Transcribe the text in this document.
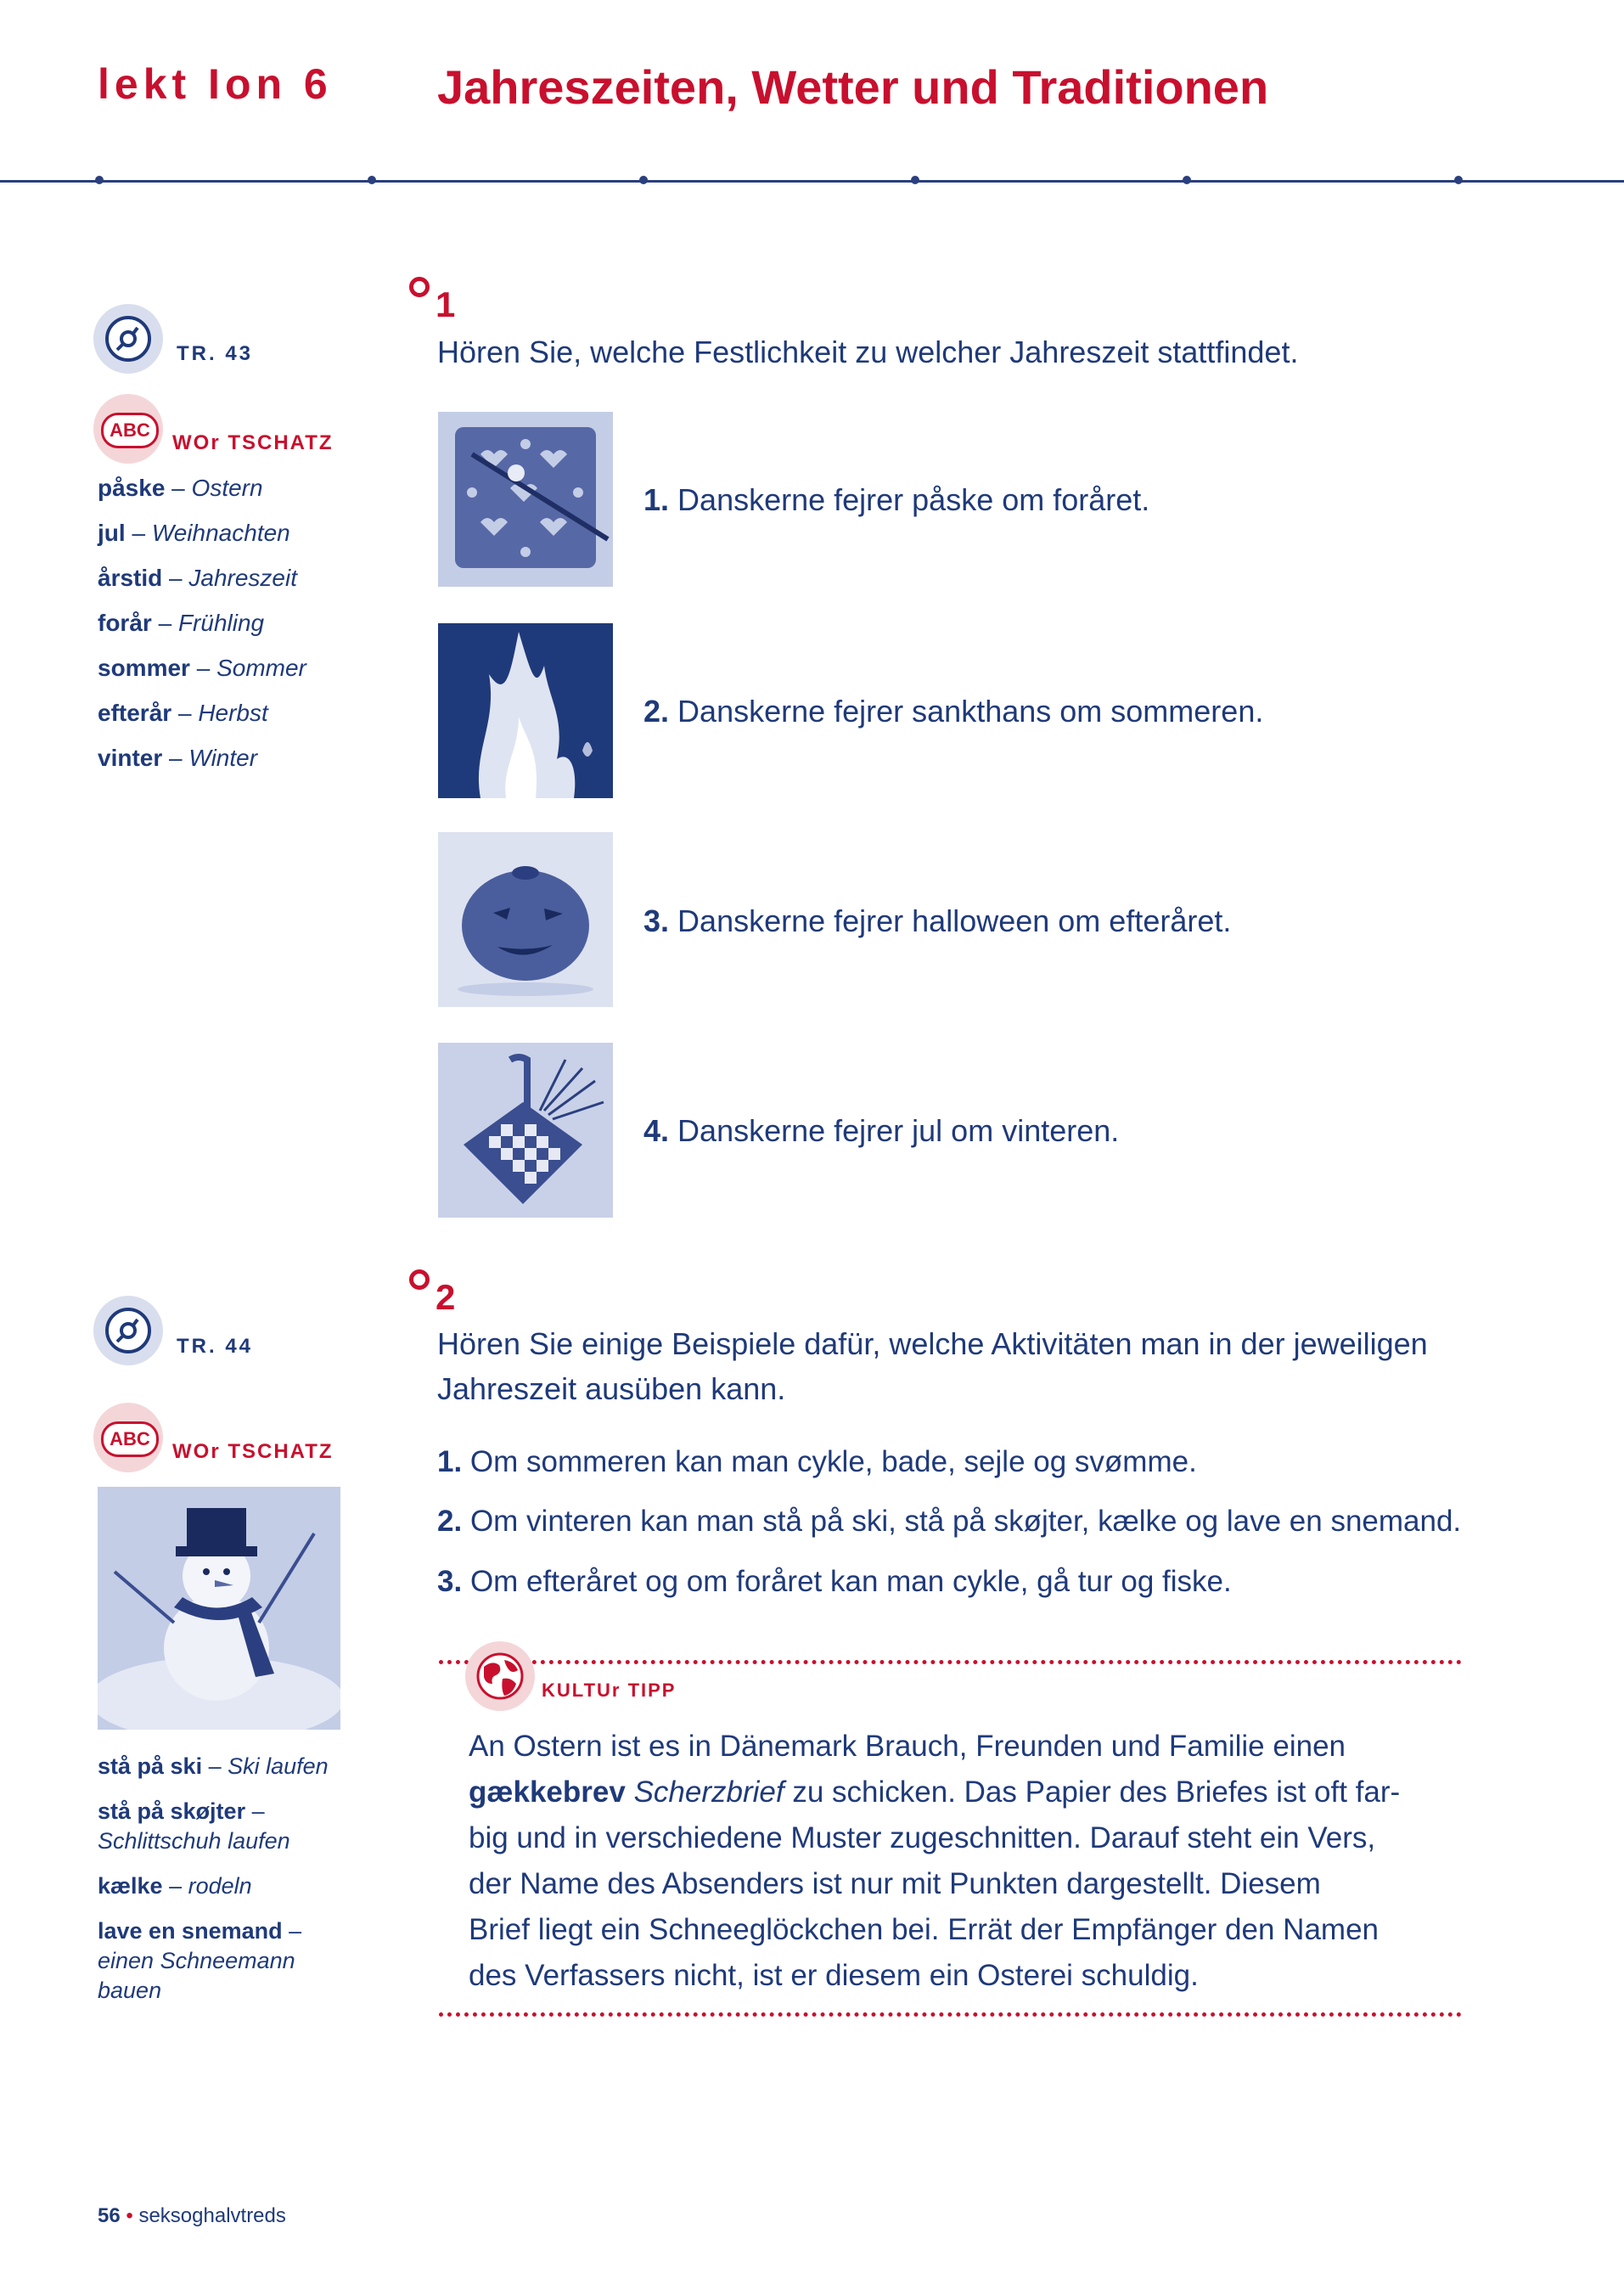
lekt Ion 6 Jahreszeiten, Wetter und Traditionen
TR. 43
ABC
WOr TSCHATZ
påske – Ostern
jul – Weihnachten
årstid – Jahreszeit
forår – Frühling
sommer – Sommer
efterår – Herbst
vinter – Winter
1
Hören Sie, welche Festlichkeit zu welcher Jahreszeit stattfindet.
1. Danskerne fejrer påske om foråret.
2. Danskerne fejrer sankthans om sommeren.
3. Danskerne fejrer halloween om efteråret.
4. Danskerne fejrer jul om vinteren.
TR. 44
ABC
WOr TSCHATZ
stå på ski – Ski laufen
stå på skøjter –
Schlittschuh laufen
kælke – rodeln
lave en snemand –
einen Schneemann bauen
2
Hören Sie einige Beispiele dafür, welche Aktivitäten man in der jeweiligen
Jahreszeit ausüben kann.
1. Om sommeren kan man cykle, bade, sejle og svømme.
2. Om vinteren kan man stå på ski, stå på skøjter, kælke og lave en snemand.
3. Om efteråret og om foråret kan man cykle, gå tur og fiske.
KULTUr TIPP
An Ostern ist es in Dänemark Brauch, Freunden und Familie einen
gækkebrev Scherzbrief zu schicken. Das Papier des Briefes ist oft far-
big und in verschiedene Muster zugeschnitten. Darauf steht ein Vers,
der Name des Absenders ist nur mit Punkten dargestellt. Diesem
Brief liegt ein Schneeglöckchen bei. Errät der Empfänger den Namen
des Verfassers nicht, ist er diesem ein Osterei schuldig.
56 • seksoghalvtreds
